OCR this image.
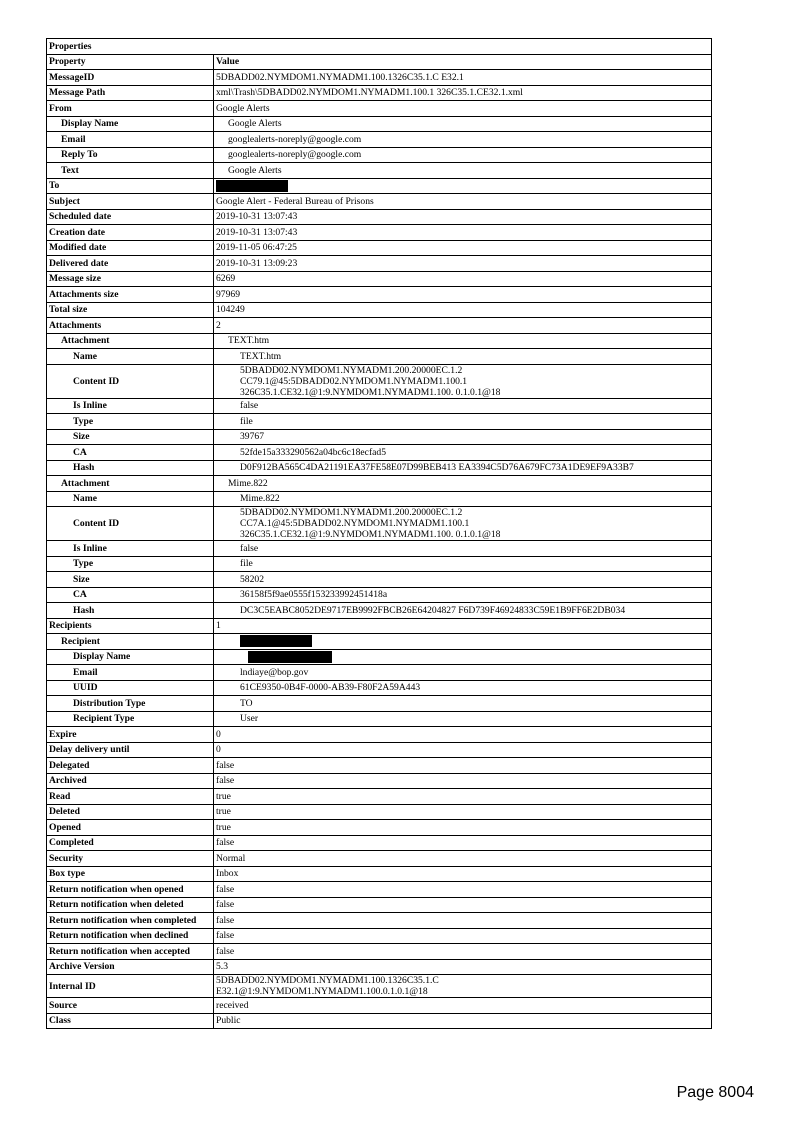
Properties	
Property	Value
MessageID	5DBADD02.NYMDOM1.NYMADM1.100.1326C35.1.C E32.1
Message Path	xml\Trash\5DBADD02.NYMDOM1.NYMADM1.100.1 326C35.1.CE32.1.xml
From	Google Alerts
Display Name	Google Alerts
Email	googlealerts-noreply@google.com
Reply To	googlealerts-noreply@google.com
Text	Google Alerts
To	
Subject	Google Alert - Federal Bureau of Prisons
Scheduled date	2019-10-31 13:07:43
Creation date	2019-10-31 13:07:43
Modified date	2019-11-05 06:47:25
Delivered date	2019-10-31 13:09:23
Message size	6269
Attachments size	97969
Total size	104249
Attachments	2
Attachment	TEXT.htm
Name	TEXT.htm
Content ID	5DBADD02.NYMDOM1.NYMADM1.200.20000EC.1.2
CC79.1@45:5DBADD02.NYMDOM1.NYMADM1.100.1
326C35.1.CE32.1@1:9.NYMDOM1.NYMADM1.100. 0.1.0.1@18
Is Inline	false
Type	file
Size	39767
CA	52fde15a333290562a04bc6c18ecfad5
Hash	D0F912BA565C4DA21191EA37FE58E07D99BEB413 EA3394C5D76A679FC73A1DE9EF9A33B7
Attachment	Mime.822
Name	Mime.822
Content ID	5DBADD02.NYMDOM1.NYMADM1.200.20000EC.1.2
CC7A.1@45:5DBADD02.NYMDOM1.NYMADM1.100.1
326C35.1.CE32.1@1:9.NYMDOM1.NYMADM1.100. 0.1.0.1@18
Is Inline	false
Type	file
Size	58202
CA	36158f5f9ae0555f153233992451418a
Hash	DC3C5EABC8052DE9717EB9992FBCB26E64204827 F6D739F46924833C59E1B9FF6E2DB034
Recipients	1
Recipient	
Display Name	
Email	lndiaye@bop.gov
UUID	61CE9350-0B4F-0000-AB39-F80F2A59A443
Distribution Type	TO
Recipient Type	User
Expire	0
Delay delivery until	0
Delegated	false
Archived	false
Read	true
Deleted	true
Opened	true
Completed	false
Security	Normal
Box type	Inbox
Return notification when opened	false
Return notification when deleted	false
Return notification when completed	false
Return notification when declined	false
Return notification when accepted	false
Archive Version	5.3
Internal ID	5DBADD02.NYMDOM1.NYMADM1.100.1326C35.1.C
E32.1@1:9.NYMDOM1.NYMADM1.100.0.1.0.1@18
Source	received
Class	Public
Page 8004
